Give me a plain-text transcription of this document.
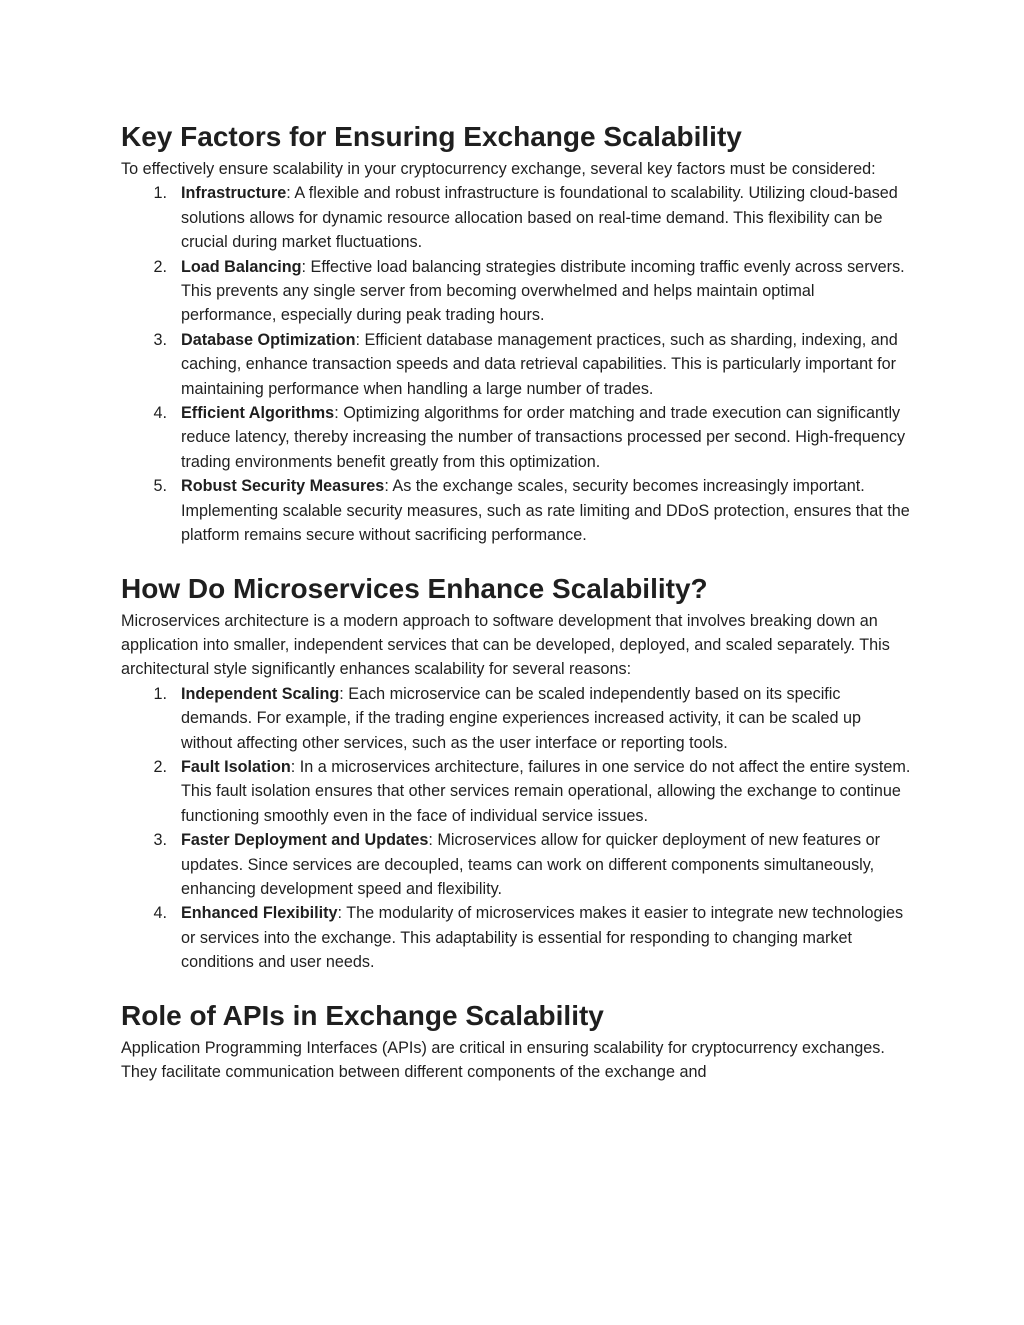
Key Factors for Ensuring Exchange Scalability

To effectively ensure scalability in your cryptocurrency exchange, several key factors must be considered:

1. Infrastructure: A flexible and robust infrastructure is foundational to scalability. Utilizing cloud-based solutions allows for dynamic resource allocation based on real-time demand. This flexibility can be crucial during market fluctuations.
2. Load Balancing: Effective load balancing strategies distribute incoming traffic evenly across servers. This prevents any single server from becoming overwhelmed and helps maintain optimal performance, especially during peak trading hours.
3. Database Optimization: Efficient database management practices, such as sharding, indexing, and caching, enhance transaction speeds and data retrieval capabilities. This is particularly important for maintaining performance when handling a large number of trades.
4. Efficient Algorithms: Optimizing algorithms for order matching and trade execution can significantly reduce latency, thereby increasing the number of transactions processed per second. High-frequency trading environments benefit greatly from this optimization.
5. Robust Security Measures: As the exchange scales, security becomes increasingly important. Implementing scalable security measures, such as rate limiting and DDoS protection, ensures that the platform remains secure without sacrificing performance.
How Do Microservices Enhance Scalability?

Microservices architecture is a modern approach to software development that involves breaking down an application into smaller, independent services that can be developed, deployed, and scaled separately. This architectural style significantly enhances scalability for several reasons:

1. Independent Scaling: Each microservice can be scaled independently based on its specific demands. For example, if the trading engine experiences increased activity, it can be scaled up without affecting other services, such as the user interface or reporting tools.
2. Fault Isolation: In a microservices architecture, failures in one service do not affect the entire system. This fault isolation ensures that other services remain operational, allowing the exchange to continue functioning smoothly even in the face of individual service issues.
3. Faster Deployment and Updates: Microservices allow for quicker deployment of new features or updates. Since services are decoupled, teams can work on different components simultaneously, enhancing development speed and flexibility.
4. Enhanced Flexibility: The modularity of microservices makes it easier to integrate new technologies or services into the exchange. This adaptability is essential for responding to changing market conditions and user needs.
Role of APIs in Exchange Scalability

Application Programming Interfaces (APIs) are critical in ensuring scalability for cryptocurrency exchanges. They facilitate communication between different components of the exchange and
